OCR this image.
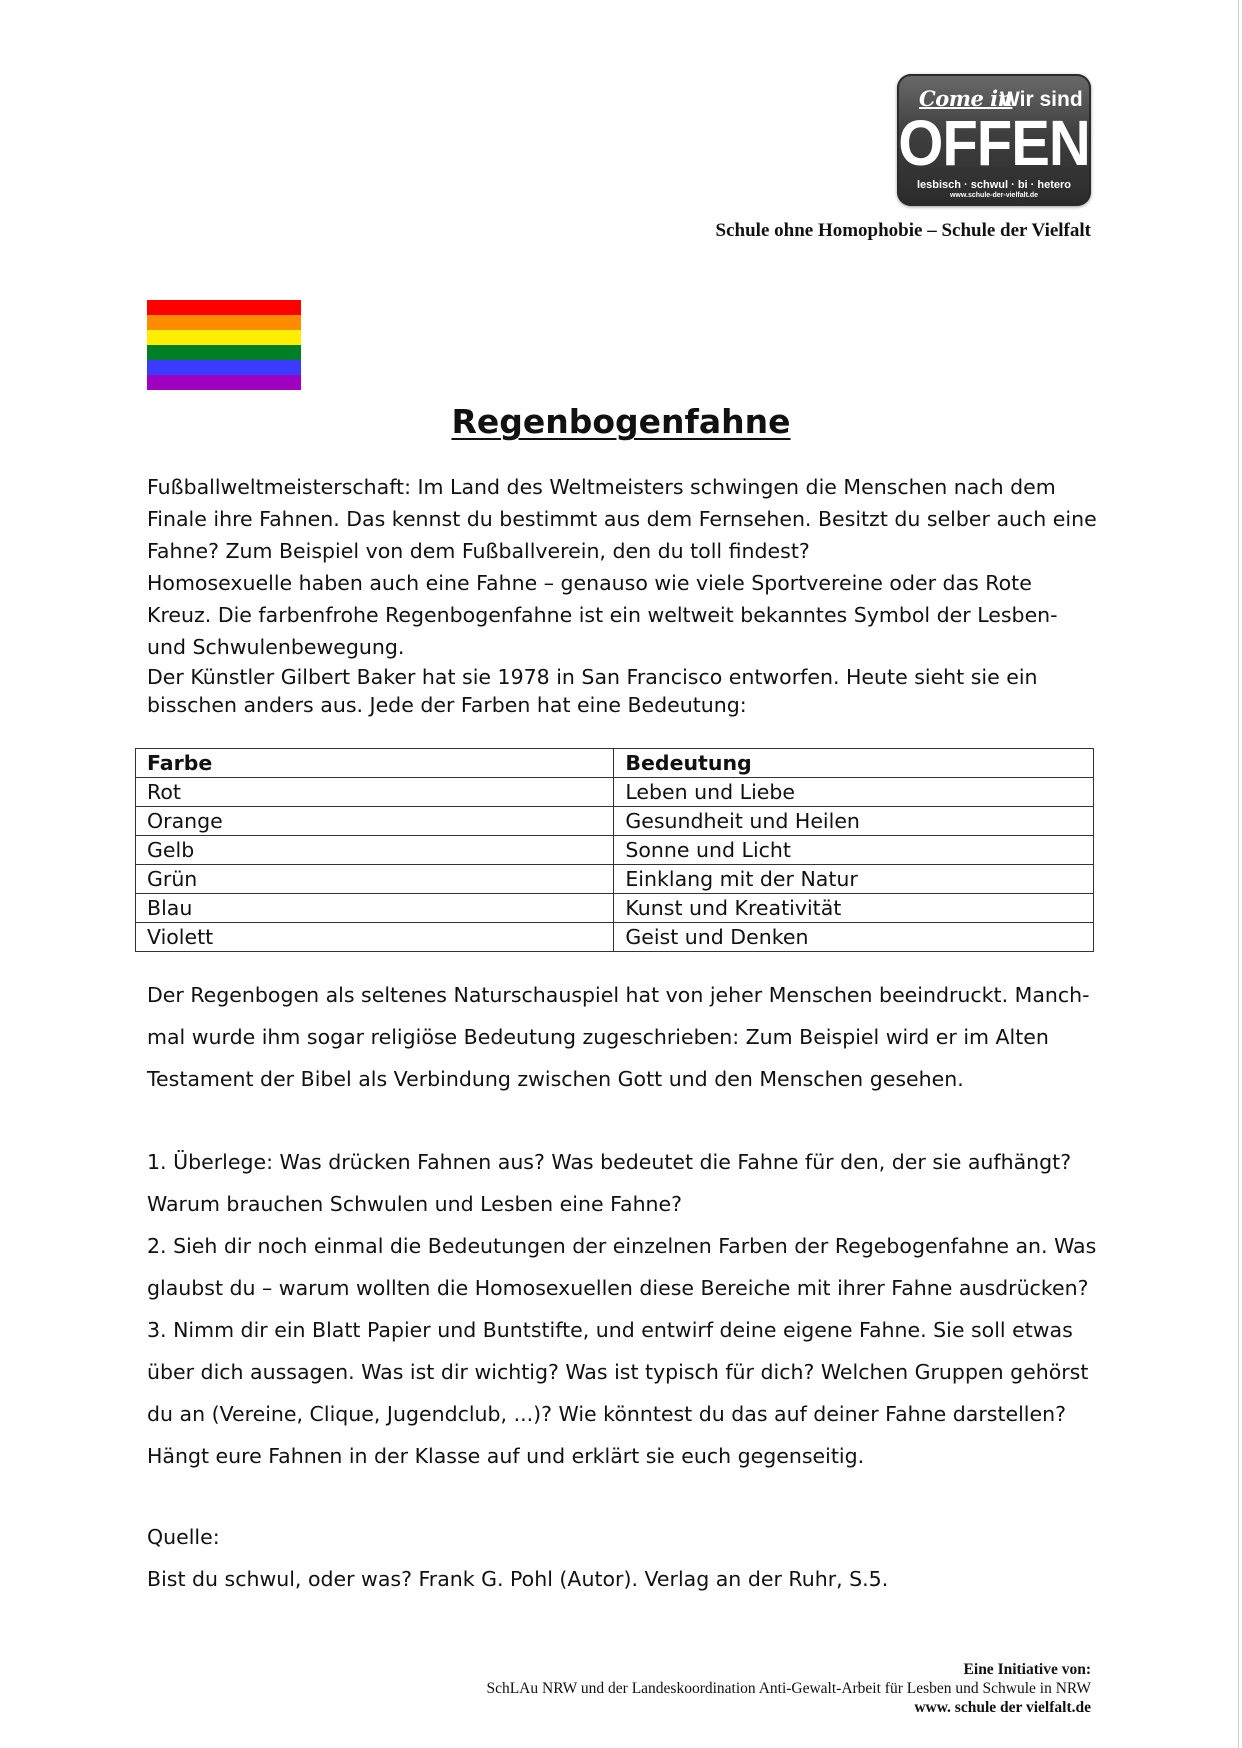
Come in
Wir sind
OFFEN
lesbisch · schwul · bi · hetero
www.schule-der-vielfalt.de
Schule ohne Homophobie – Schule der Vielfalt
Regenbogenfahne

Fußballweltmeisterschaft: Im Land des Weltmeisters schwingen die Menschen nach dem Finale ihre Fahnen. Das kennst du bestimmt aus dem Fernsehen. Besitzt du selber auch eine Fahne? Zum Beispiel von dem Fußballverein, den du toll findest?

Homosexuelle haben auch eine Fahne – genauso wie viele Sportvereine oder das Rote Kreuz. Die farbenfrohe Regenbogenfahne ist ein weltweit bekanntes Symbol der Lesben- und Schwulenbewegung.

Der Künstler Gilbert Baker hat sie 1978 in San Francisco entworfen. Heute sieht sie ein bisschen anders aus. Jede der Farben hat eine Bedeutung:

Farbe	Bedeutung
Rot	Leben und Liebe
Orange	Gesundheit und Heilen
Gelb	Sonne und Licht
Grün	Einklang mit der Natur
Blau	Kunst und Kreativität
Violett	Geist und Denken

Der Regenbogen als seltenes Naturschauspiel hat von jeher Menschen beeindruckt. Manch-mal wurde ihm sogar religiöse Bedeutung zugeschrieben: Zum Beispiel wird er im Alten Testament der Bibel als Verbindung zwischen Gott und den Menschen gesehen.

1. Überlege: Was drücken Fahnen aus? Was bedeutet die Fahne für den, der sie aufhängt? Warum brauchen Schwulen und Lesben eine Fahne?

2. Sieh dir noch einmal die Bedeutungen der einzelnen Farben der Regebogenfahne an. Was glaubst du – warum wollten die Homosexuellen diese Bereiche mit ihrer Fahne ausdrücken?

3. Nimm dir ein Blatt Papier und Buntstifte, und entwirf deine eigene Fahne. Sie soll etwas über dich aussagen. Was ist dir wichtig? Was ist typisch für dich? Welchen Gruppen gehörst du an (Vereine, Clique, Jugendclub, ...)? Wie könntest du das auf deiner Fahne darstellen? Hängt eure Fahnen in der Klasse auf und erklärt sie euch gegenseitig.

Quelle:

Bist du schwul, oder was? Frank G. Pohl (Autor). Verlag an der Ruhr, S.5.

Eine Initiative von:
SchLAu NRW und der Landeskoordination Anti-Gewalt-Arbeit für Lesben und Schwule in NRW
www. schule der vielfalt.de
